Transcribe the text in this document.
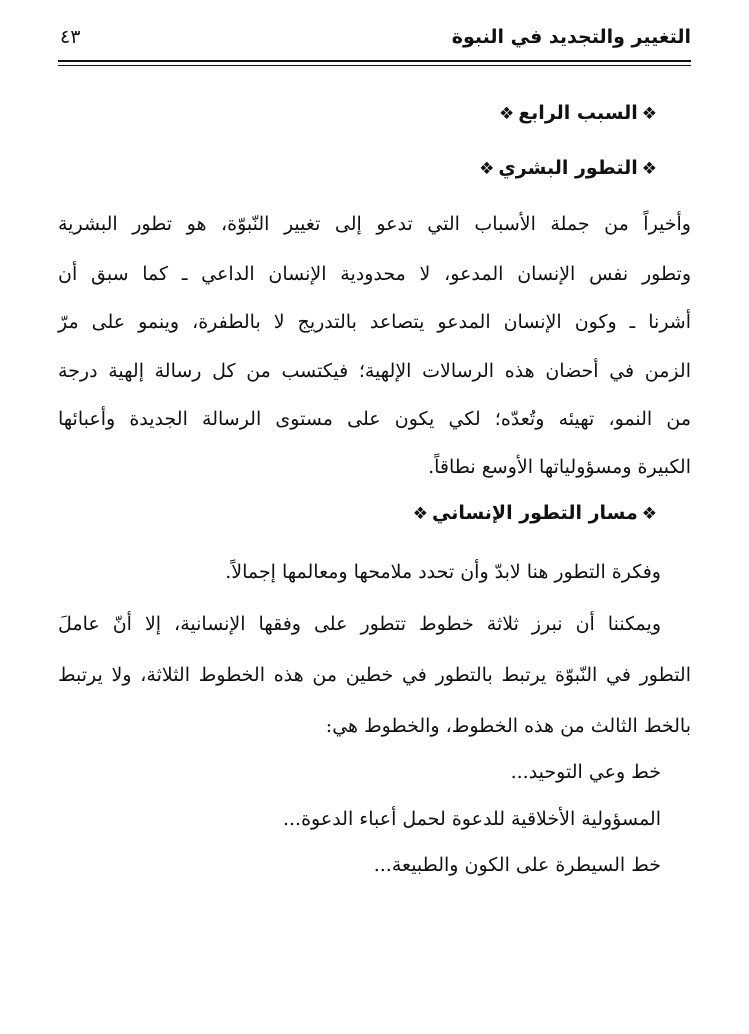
التغيير والتجديد في النبوة
٤٣
❖السبب الرابع❖
❖التطور البشري❖
وأخيراً من جملة الأسباب التي تدعو إلى تغيير النّبوّة، هو تطور البشرية
وتطور نفس الإنسان المدعو، لا محدودية الإنسان الداعي ـ كما سبق أن
أشرنا ـ وكون الإنسان المدعو يتصاعد بالتدريج لا بالطفرة، وينمو على مرّ
الزمن في أحضان هذه الرسالات الإلهية؛ فيكتسب من كل رسالة إلهية درجة
من النمو، تهيئه وتُعدّه؛ لكي يكون على مستوى الرسالة الجديدة وأعبائها
الكبيرة ومسؤولياتها الأوسع نطاقاً.
❖مسار التطور الإنساني❖
وفكرة التطور هنا لابدّ وأن تحدد ملامحها ومعالمها إجمالاً.
ويمكننا أن نبرز ثلاثة خطوط تتطور على وفقها الإنسانية، إلا أنّ عاملَ
التطور في النّبوّة يرتبط بالتطور في خطين من هذه الخطوط الثلاثة، ولا يرتبط
بالخط الثالث من هذه الخطوط، والخطوط هي:
خط وعي التوحيد...
المسؤولية الأخلاقية للدعوة لحمل أعباء الدعوة...
خط السيطرة على الكون والطبيعة...
